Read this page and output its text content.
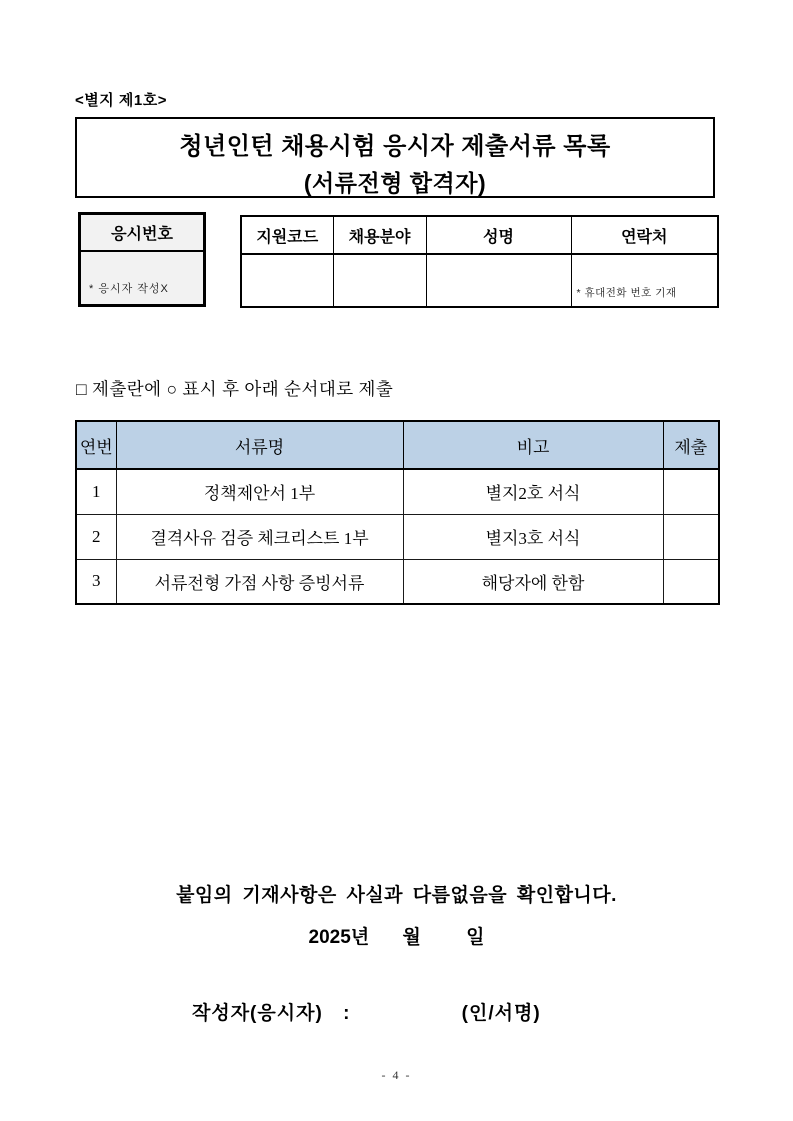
<별지 제1호>
청년인턴 채용시험 응시자 제출서류 목록
(서류전형 합격자)
응시번호
* 응시자 작성X
지원코드	채용분야	성명	연락처
			* 휴대전화 번호 기재
□ 제출란에 ○ 표시 후 아래 순서대로 제출
연번	서류명	비고	제출
1	정책제안서 1부	별지2호 서식	
2	결격사유 검증 체크리스트 1부	별지3호 서식	
3	서류전형 가점 사항 증빙서류	해당자에 한함	
붙임의 기재사항은 사실과 다름없음을 확인합니다.
2025년 월 일
작성자(응시자) :	(인/서명)
- 4 -
